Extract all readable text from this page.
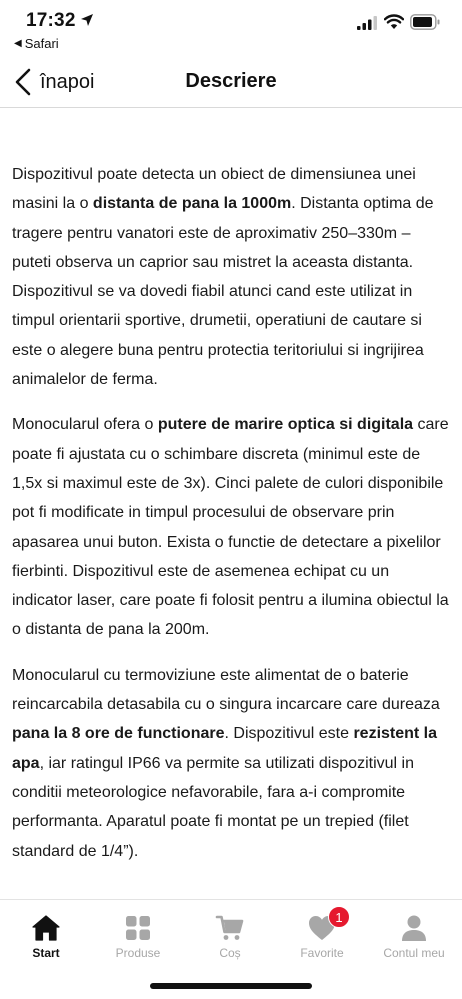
17:32
◀ Safari
înapoi	Descriere

Dispozitivul poate detecta un obiect de dimensiunea unei masini la o distanta de pana la 1000m. Distanta optima de tragere pentru vanatori este de aproximativ 250–330m – puteti observa un caprior sau mistret la aceasta distanta. Dispozitivul se va dovedi fiabil atunci cand este utilizat in timpul orientarii sportive, drumetii, operatiuni de cautare si este o alegere buna pentru protectia teritoriului si ingrijirea animalelor de ferma.

Monocularul ofera o putere de marire optica si digitala care poate fi ajustata cu o schimbare discreta (minimul este de 1,5x si maximul este de 3x). Cinci palete de culori disponibile pot fi modificate in timpul procesului de observare prin apasarea unui buton. Exista o functie de detectare a pixelilor fierbinti. Dispozitivul este de asemenea echipat cu un indicator laser, care poate fi folosit pentru a ilumina obiectul la o distanta de pana la 200m.

Monocularul cu termoviziune este alimentat de o baterie reincarcabila detasabila cu o singura incarcare care dureaza pana la 8 ore de functionare. Dispozitivul este rezistent la apa, iar ratingul IP66 va permite sa utilizati dispozitivul in conditii meteorologice nefavorabile, fara a-i compromite performanta. Aparatul poate fi montat pe un trepied (filet standard de 1/4”).

Start	Produse	Coș
1
Favorite	Contul meu
